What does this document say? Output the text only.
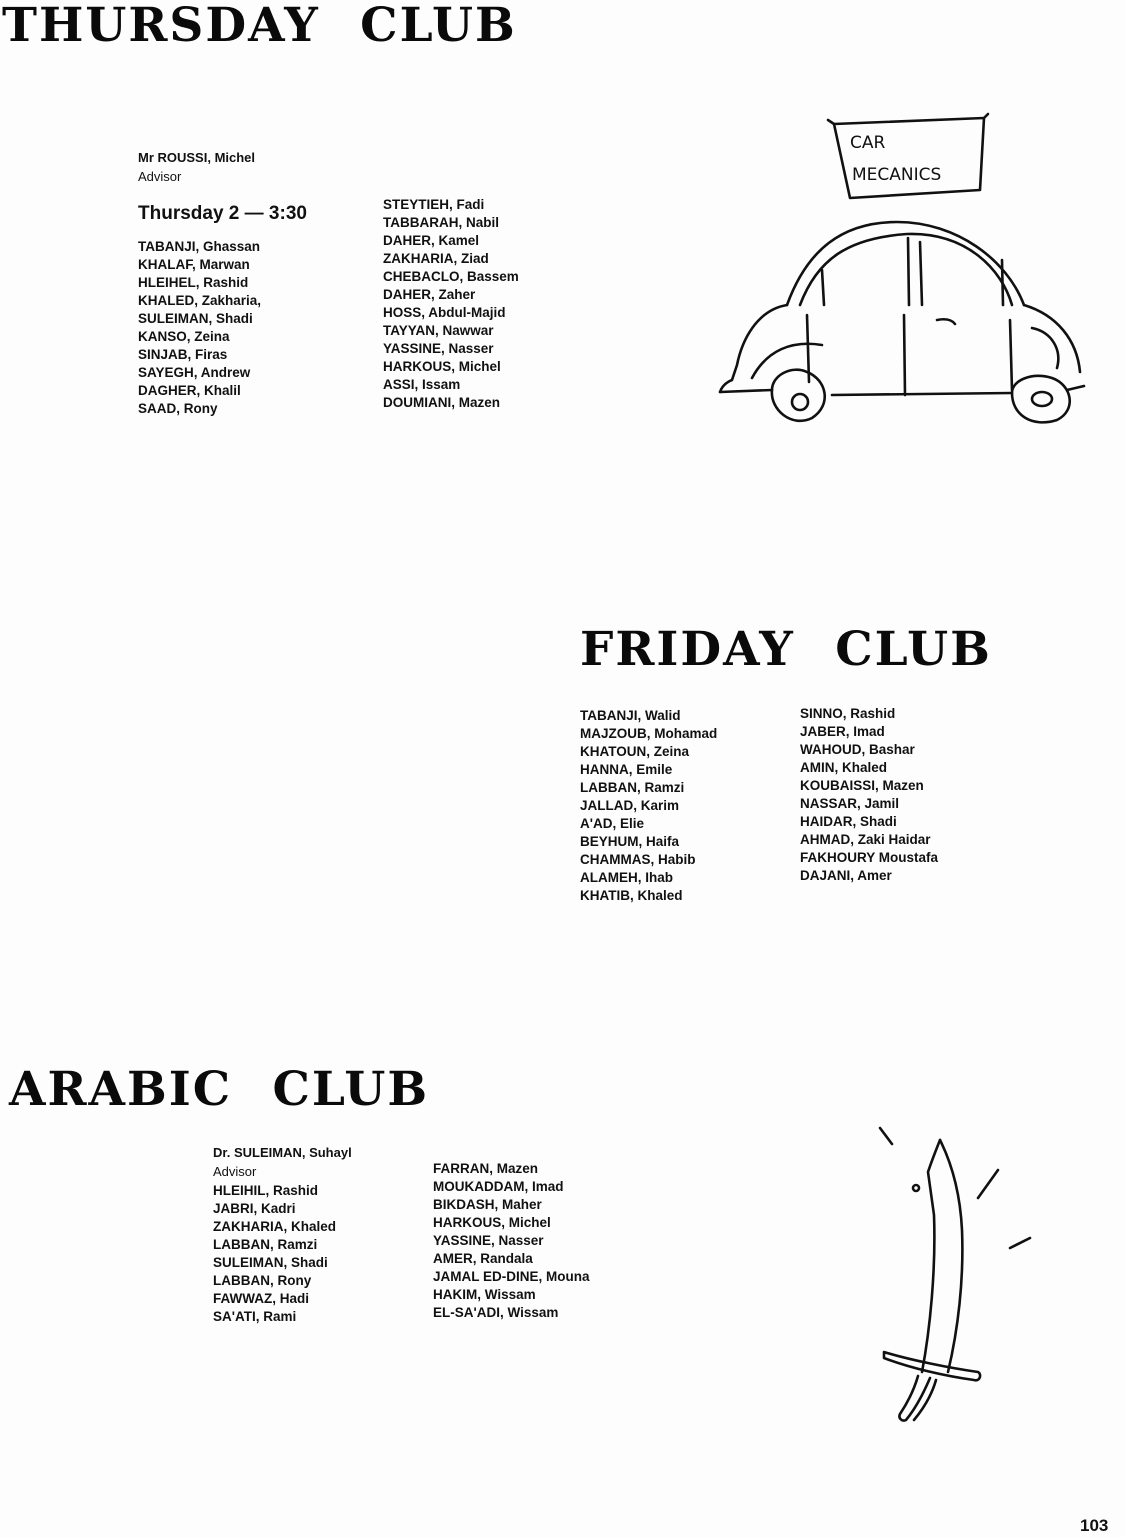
THURSDAY CLUB
Mr ROUSSI, Michel
Advisor
Thursday 2 — 3:30
TABANJI, Ghassan
KHALAF, Marwan
HLEIHEL, Rashid
KHALED, Zakharia,
SULEIMAN, Shadi
KANSO, Zeina
SINJAB, Firas
SAYEGH, Andrew
DAGHER, Khalil
SAAD, Rony
STEYTIEH, Fadi
TABBARAH, Nabil
DAHER, Kamel
ZAKHARIA, Ziad
CHEBACLO, Bassem
DAHER, Zaher
HOSS, Abdul-Majid
TAYYAN, Nawwar
YASSINE, Nasser
HARKOUS, Michel
ASSI, Issam
DOUMIANI, Mazen
CAR
MECANICS
FRIDAY CLUB
TABANJI, Walid
MAJZOUB, Mohamad
KHATOUN, Zeina
HANNA, Emile
LABBAN, Ramzi
JALLAD, Karim
A'AD, Elie
BEYHUM, Haifa
CHAMMAS, Habib
ALAMEH, Ihab
KHATIB, Khaled
SINNO, Rashid
JABER, Imad
WAHOUD, Bashar
AMIN, Khaled
KOUBAISSI, Mazen
NASSAR, Jamil
HAIDAR, Shadi
AHMAD, Zaki Haidar
FAKHOURY Moustafa
DAJANI, Amer
ARABIC CLUB
Dr. SULEIMAN, Suhayl
Advisor
HLEIHIL, Rashid
JABRI, Kadri
ZAKHARIA, Khaled
LABBAN, Ramzi
SULEIMAN, Shadi
LABBAN, Rony
FAWWAZ, Hadi
SA'ATI, Rami
FARRAN, Mazen
MOUKADDAM, Imad
BIKDASH, Maher
HARKOUS, Michel
YASSINE, Nasser
AMER, Randala
JAMAL ED-DINE, Mouna
HAKIM, Wissam
EL-SA'ADI, Wissam
103
